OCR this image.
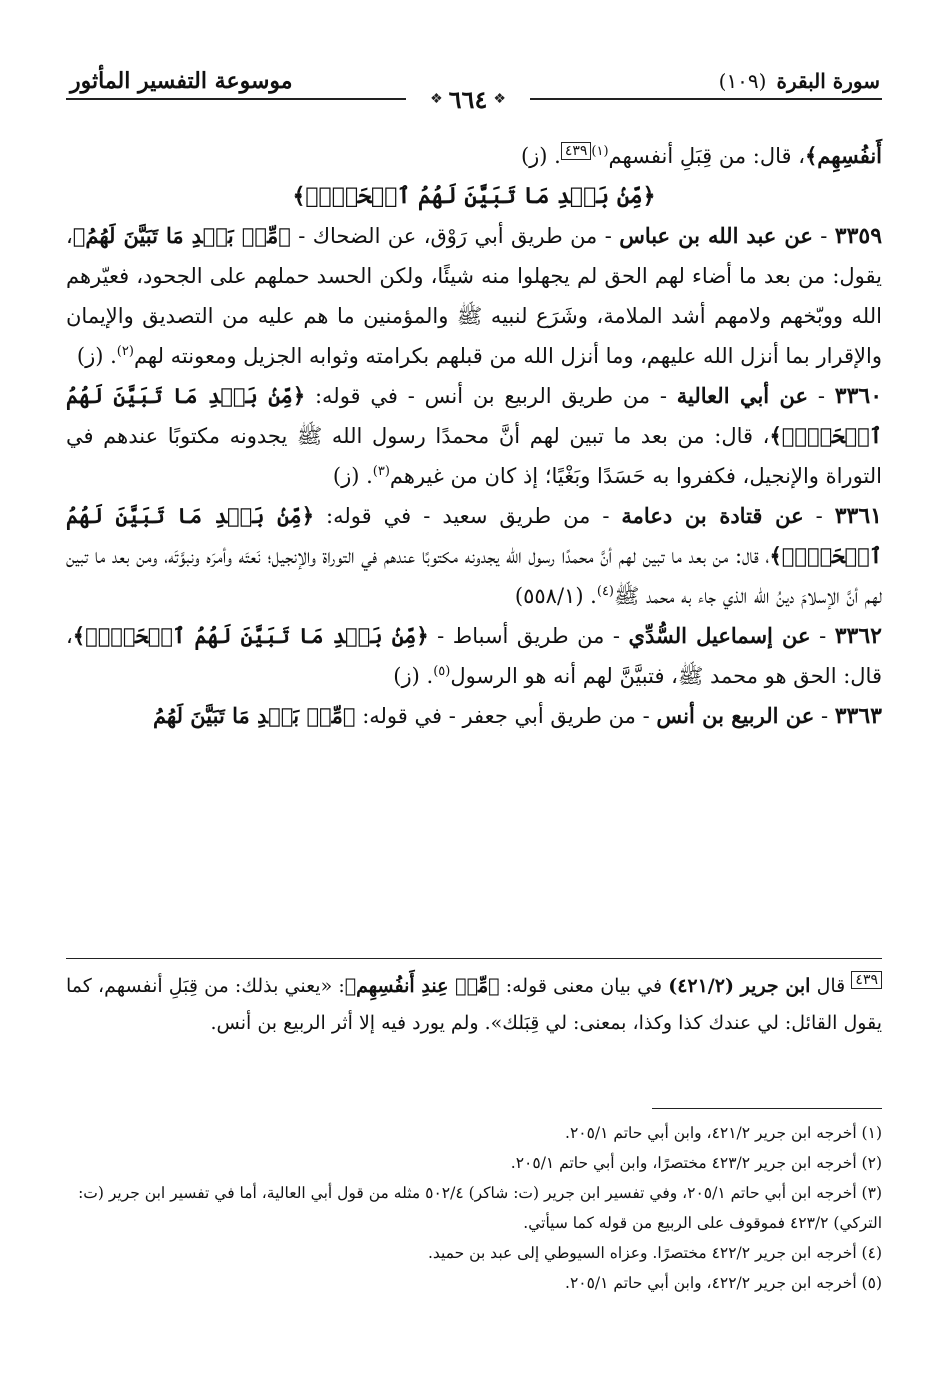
موسوعة التفسير المأثور	سورة البقرة
(١٠٩)
❖ ٦٦٤ ❖

أَنفُسِهِم﴾، قال: من قِبَلِ أنفسهم$^{(١)}$٤٣٩. (ز)

﴿مِّنۢ بَعۡدِ مَا تَبَيَّنَ لَهُمُ ٱلۡحَقُّۖ﴾

٣٣٥٩ - عن عبد الله بن عباس - من طريق أبي رَوْق، عن الضحاك - ﴿مِّنۢ بَعۡدِ مَا تَبَيَّنَ لَهُمُ﴾، يقول: من بعد ما أضاء لهم الحق لم يجهلوا منه شيئًا، ولكن الحسد حملهم على الجحود، فعيّرهم الله ووبّخهم ولامهم أشد الملامة، وشَرَع لنبيه ﷺ والمؤمنين ما هم عليه من التصديق والإيمان والإقرار بما أنزل الله عليهم، وما أنزل الله من قبلهم بكرامته وثوابه الجزيل ومعونته لهم$^{(٢)}$. (ز)

٣٣٦٠ - عن أبي العالية - من طريق الربيع بن أنس - في قوله: ﴿مِّنۢ بَعۡدِ مَا تَبَيَّنَ لَهُمُ ٱلۡحَقُّۖ﴾، قال: من بعد ما تبين لهم أنَّ محمدًا رسول الله ﷺ يجدونه مكتوبًا عندهم في التوراة والإنجيل، فكفروا به حَسَدًا وبَغْيًا؛ إذ كان من غيرهم$^{(٣)}$. (ز)

٣٣٦١ - عن قتادة بن دعامة - من طريق سعيد - في قوله: ﴿مِّنۢ بَعۡدِ مَا تَبَيَّنَ لَهُمُ ٱلۡحَقُّۖ﴾، قال: من بعد ما تبين لهم أنَّ محمدًا رسول الله يجدونه مكتوبًا عندهم في التوراة والإنجيل؛ نَعتَه وأمرَه ونبوَّتَه، ومن بعد ما تبين لهم أنَّ الإسلامَ دينُ الله الذي جاء به محمد ﷺ$^{(٤)}$. (٥٥٨/١)

٣٣٦٢ - عن إسماعيل السُّدِّي - من طريق أسباط - ﴿مِّنۢ بَعۡدِ مَا تَبَيَّنَ لَهُمُ ٱلۡحَقُّۖ﴾، قال: الحق هو محمد ﷺ، فتبيَّنَّ لهم أنه هو الرسول$^{(٥)}$. (ز)

٣٣٦٣ - عن الربيع بن أنس - من طريق أبي جعفر - في قوله: ﴿مِّنۢ بَعۡدِ مَا تَبَيَّنَ لَهُمُ

٤٣٩ قال ابن جرير (٤٢١/٢) في بيان معنى قوله: ﴿مِّنۡ عِندِ أَنفُسِهِم﴾: «يعني بذلك: من قِبَلِ أنفسهم، كما يقول القائل: لي عندك كذا وكذا، بمعنى: لي قِبَلك». ولم يورد فيه إلا أثر الربيع بن أنس.
(١) أخرجه ابن جرير ٤٢١/٢، وابن أبي حاتم ٢٠٥/١.
(٢) أخرجه ابن جرير ٤٢٣/٢ مختصرًا، وابن أبي حاتم ٢٠٥/١.
(٣) أخرجه ابن أبي حاتم ٢٠٥/١، وفي تفسير ابن جرير (ت: شاكر) ٥٠٢/٤ مثله من قول أبي العالية، أما في تفسير ابن جرير (ت: التركي) ٤٢٣/٢ فموقوف على الربيع من قوله كما سيأتي.
(٤) أخرجه ابن جرير ٤٢٢/٢ مختصرًا. وعزاه السيوطي إلى عبد بن حميد.
(٥) أخرجه ابن جرير ٤٢٢/٢، وابن أبي حاتم ٢٠٥/١.
